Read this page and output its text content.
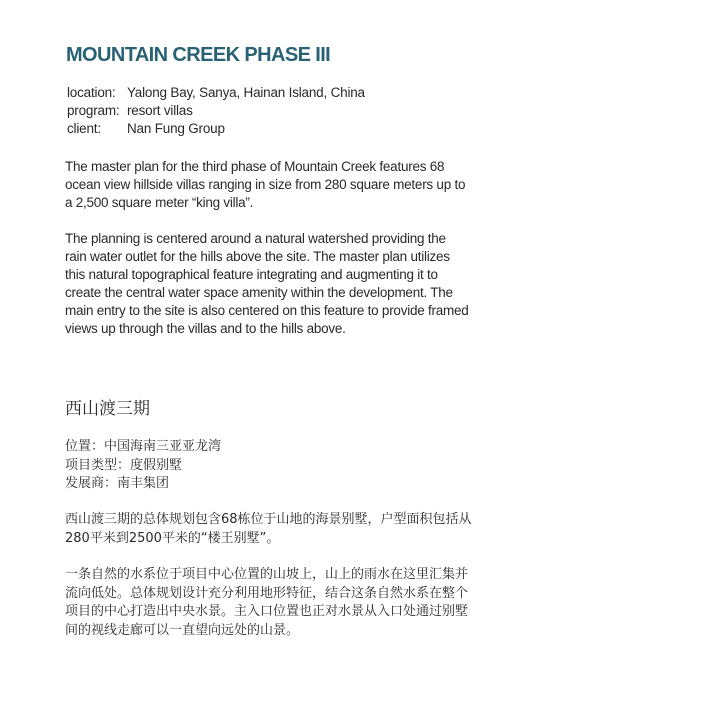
MOUNTAIN CREEK PHASE III
location: Yalong Bay, Sanya, Hainan Island, China
program: resort villas
client:	Nan Fung Group

The master plan for the third phase of Mountain Creek features 68 ocean view hillside villas ranging in size from 280 square meters up to a 2,500 square meter “king villa”.

The planning is centered around a natural watershed providing the rain water outlet for the hills above the site. The master plan utilizes this natural topographical feature integrating and augmenting it to create the central water space amenity within the development. The main entry to the site is also centered on this feature to provide framed views up through the villas and to the hills above.

西山渡三期
位置：中国海南三亚亚龙湾
项目类型：度假别墅
发展商：南丰集团

西山渡三期的总体规划包含68栋位于山地的海景别墅，户型面积包括从280平米到2500平米的“楼王别墅”。

一条自然的水系位于项目中心位置的山坡上，山上的雨水在这里汇集并流向低处。总体规划设计充分利用地形特征，结合这条自然水系在整个项目的中心打造出中央水景。主入口位置也正对水景从入口处通过别墅间的视线走廊可以一直望向远处的山景。
